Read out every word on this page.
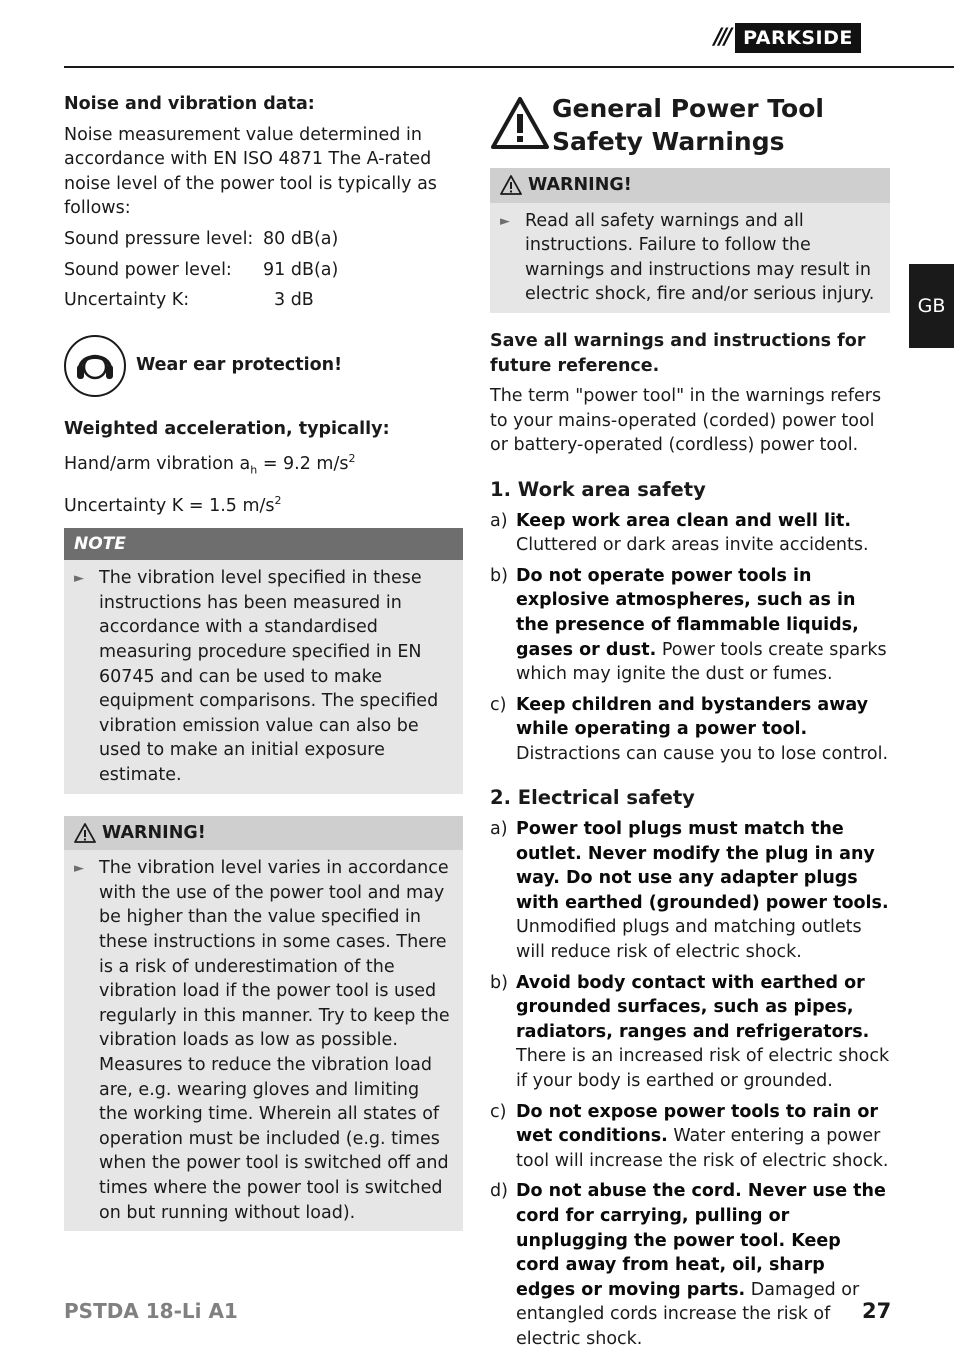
/// PARKSIDE
GB

Noise and vibration data:

Noise measurement value determined in accordance with EN ISO 4871 The A-rated noise level of the power tool is typically as follows:

Sound pressure level: 80 dB(a)
Sound power level:	91 dB(a)
Uncertainty K:	3 dB
Wear ear protection!

Weighted acceleration, typically:

Hand/arm vibration $a_h = 9.2$ $m/s^2$

Uncertainty K = 1.5 $m/s^2$

NOTE
► The vibration level specified in these instructions has been measured in accordance with a standardised measuring procedure specified in EN 60745 and can be used to make equipment comparisons. The specified vibration emission value can also be used to make an initial exposure estimate.
WARNING!
► The vibration level varies in accordance with the use of the power tool and may be higher than the value specified in these instructions in some cases. There is a risk of underestimation of the vibration load if the power tool is used regularly in this manner. Try to keep the vibration loads as low as possible. Measures to reduce the vibration load are, e.g. wearing gloves and limiting the working time. Wherein all states of operation must be included (e.g. times when the power tool is switched off and times where the power tool is switched on but running without load).
General Power Tool Safety Warnings
WARNING!
► Read all safety warnings and all instructions. Failure to follow the warnings and instructions may result in electric shock, fire and/or serious injury.

Save all warnings and instructions for future reference.

The term "power tool" in the warnings refers to your mains-operated (corded) power tool or battery-operated (cordless) power tool.

1. Work area safety
a) Keep work area clean and well lit. Cluttered or dark areas invite accidents.
b) Do not operate power tools in explosive atmospheres, such as in the presence of flammable liquids, gases or dust. Power tools create sparks which may ignite the dust or fumes.
c) Keep children and bystanders away while operating a power tool. Distractions can cause you to lose control.
2. Electrical safety
a) Power tool plugs must match the outlet. Never modify the plug in any way. Do not use any adapter plugs with earthed (grounded) power tools. Unmodified plugs and matching outlets will reduce risk of electric shock.
b) Avoid body contact with earthed or grounded surfaces, such as pipes, radiators, ranges and refrigerators. There is an increased risk of electric shock if your body is earthed or grounded.
c) Do not expose power tools to rain or wet conditions. Water entering a power tool will increase the risk of electric shock.
d) Do not abuse the cord. Never use the cord for carrying, pulling or unplugging the power tool. Keep cord away from heat, oil, sharp edges or moving parts. Damaged or entangled cords increase the risk of electric shock.
PSTDA 18-Li A1	27
